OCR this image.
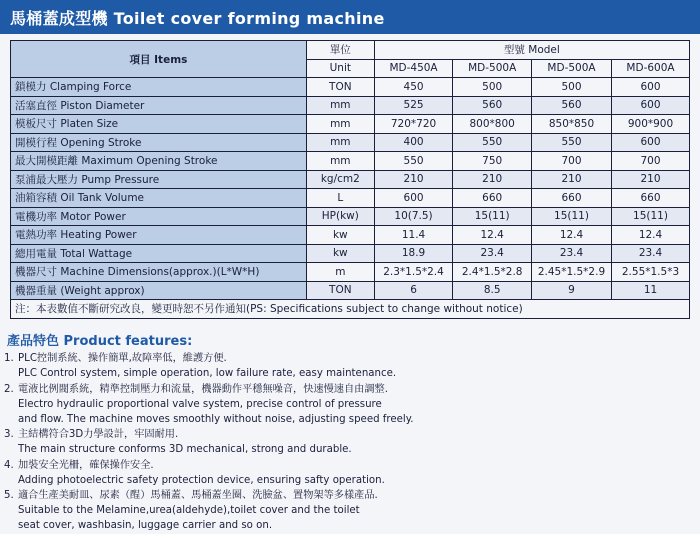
馬桶蓋成型機 Toilet cover forming machine
項目 Items	單位	型號 Model			
	Unit	MD-450A	MD-500A	MD-500A	MD-600A
鎖模力 Clamping Force	TON	450	500	500	600
活塞直徑 Piston Diameter	mm	525	560	560	600
模板尺寸 Platen Size	mm	720*720	800*800	850*850	900*900
開模行程 Opening Stroke	mm	400	550	550	600
最大開模距離 Maximum Opening Stroke	mm	550	750	700	700
泵浦最大壓力 Pump Pressure	kg/cm2	210	210	210	210
油箱容積 Oil Tank Volume	L	600	660	660	660
電機功率 Motor Power	HP(kw)	10(7.5)	15(11)	15(11)	15(11)
電熱功率 Heating Power	kw	11.4	12.4	12.4	12.4
總用電量 Total Wattage	kw	18.9	23.4	23.4	23.4
機器尺寸 Machine Dimensions(approx.)(L*W*H)	m	2.3*1.5*2.4	2.4*1.5*2.8	2.45*1.5*2.9	2.55*1.5*3
機器重量 (Weight approx)	TON	6	8.5	9	11
注：本表數值不斷研究改良，變更時恕不另作通知(PS: Specifications subject to change without notice)					
產品特色 Product features:
1. PLC控制系統、操作簡單,故障率低，維護方便.
PLC Control system, simple operation, low failure rate, easy maintenance.
2. 電液比例閥系統，精準控制壓力和流量，機器動作平穩無噪音，快速慢速自由調整.
Electro hydraulic proportional valve system, precise control of pressure
and flow. The machine moves smoothly without noise, adjusting speed freely.
3. 主結構符合3D力學設計，牢固耐用.
The main structure conforms 3D mechanical, strong and durable.
4. 加裝安全光柵，確保操作安全.
Adding photoelectric safety protection device, ensuring safty operation.
5. 適合生產美耐皿、尿素（酲）馬桶蓋、馬桶蓋坐圈、洗臉盆、置物架等多樣產品.
Suitable to the Melamine,urea(aldehyde),toilet cover and the toilet
seat cover, washbasin, luggage carrier and so on.
